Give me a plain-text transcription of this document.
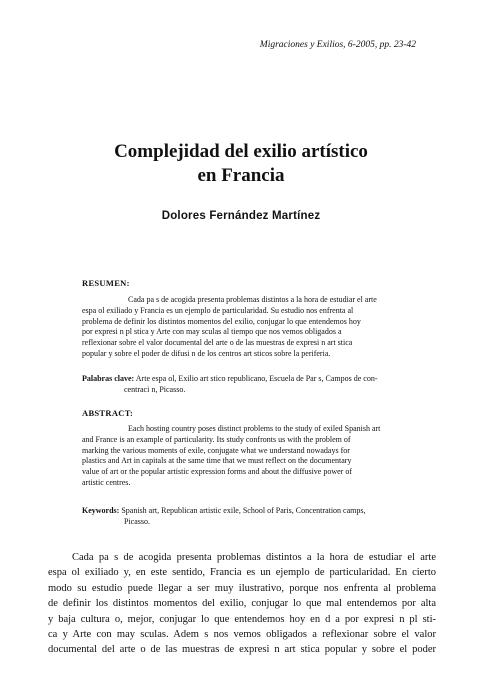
Migraciones y Exilios, 6-2005, pp. 23-42
Complejidad del exilio artístico
en Francia
Dolores Fernández Martínez
RESUMEN:
Cada pa s de acogida presenta problemas distintos a la hora de estudiar el arte
espa ol exiliado y Francia es un ejemplo de particularidad. Su estudio nos enfrenta al
problema de definir los distintos momentos del exilio, conjugar lo que entendemos hoy
por expresi n pl stica y Arte con may sculas al tiempo que nos vemos obligados a
reflexionar sobre el valor documental del arte o de las muestras de expresi n art stica
popular y sobre el poder de difusi n de los centros art sticos sobre la periferia.
Palabras clave: Arte espa ol, Exilio art stico republicano, Escuela de Par s, Campos de con-
centraci n, Picasso.
ABSTRACT:
Each hosting country poses distinct problems to the study of exiled Spanish art
and France is an example of particularity. Its study confronts us with the problem of
marking the various moments of exile, conjugate what we understand nowadays for
plastics and Art in capitals at the same time that we must reflect on the documentary
value of art or the popular artistic expression forms and about the diffusive power of
artistic centres.
Keywords: Spanish art, Republican artistic exile, School of Paris, Concentration camps,
Picasso.
Cada pa s de acogida presenta problemas distintos a la hora de estudiar el arte
espa ol exiliado y, en este sentido, Francia es un ejemplo de particularidad. En cierto
modo su estudio puede llegar a ser muy ilustrativo, porque nos enfrenta al problema
de definir los distintos momentos del exilio, conjugar lo que mal entendemos por alta
y baja cultura o, mejor, conjugar lo que entendemos hoy en d a por expresi n pl sti-
ca y Arte con may sculas. Adem s nos vemos obligados a reflexionar sobre el valor
documental del arte o de las muestras de expresi n art stica popular y sobre el poder
